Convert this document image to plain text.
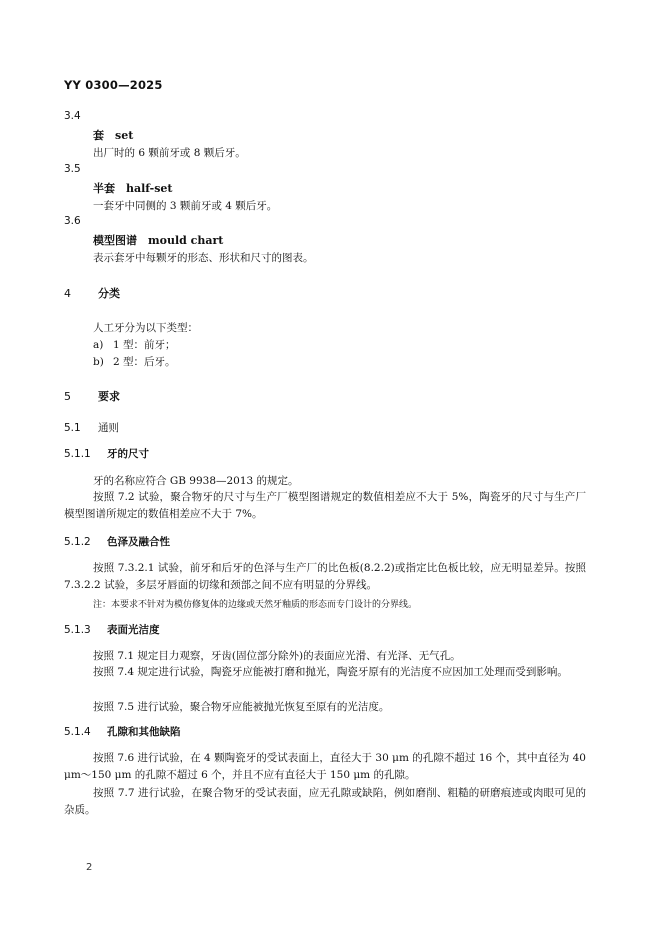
YY 0300—2025
3.4
套　set
出厂时的 6 颗前牙或 8 颗后牙。
3.5
半套　half-set
一套牙中同侧的 3 颗前牙或 4 颗后牙。
3.6
模型图谱　mould chart
表示套牙中每颗牙的形态、形状和尺寸的图表。
4 分类
人工牙分为以下类型：
a) 1 型：前牙；
b) 2 型：后牙。
5 要求
5.1 通则
5.1.1 牙的尺寸
牙的名称应符合 GB 9938—2013 的规定。
按照 7.2 试验，聚合物牙的尺寸与生产厂模型图谱规定的数值相差应不大于 5%，陶瓷牙的尺寸与生产厂模型图谱所规定的数值相差应不大于 7%。
5.1.2 色泽及融合性
按照 7.3.2.1 试验，前牙和后牙的色泽与生产厂的比色板(8.2.2)或指定比色板比较，应无明显差异。按照 7.3.2.2 试验，多层牙唇面的切缘和颈部之间不应有明显的分界线。
注：本要求不针对为模仿修复体的边缘或天然牙釉质的形态而专门设计的分界线。
5.1.3 表面光洁度
按照 7.1 规定目力观察，牙齿(固位部分除外)的表面应光滑、有光泽、无气孔。
按照 7.4 规定进行试验，陶瓷牙应能被打磨和抛光，陶瓷牙原有的光洁度不应因加工处理而受到影响。
按照 7.5 进行试验，聚合物牙应能被抛光恢复至原有的光洁度。
5.1.4 孔隙和其他缺陷
按照 7.6 进行试验，在 4 颗陶瓷牙的受试表面上，直径大于 30 μm 的孔隙不超过 16 个，其中直径为 40 μm～150 μm 的孔隙不超过 6 个，并且不应有直径大于 150 μm 的孔隙。
按照 7.7 进行试验，在聚合物牙的受试表面，应无孔隙或缺陷，例如磨削、粗糙的研磨痕迹或肉眼可见的杂质。
2
